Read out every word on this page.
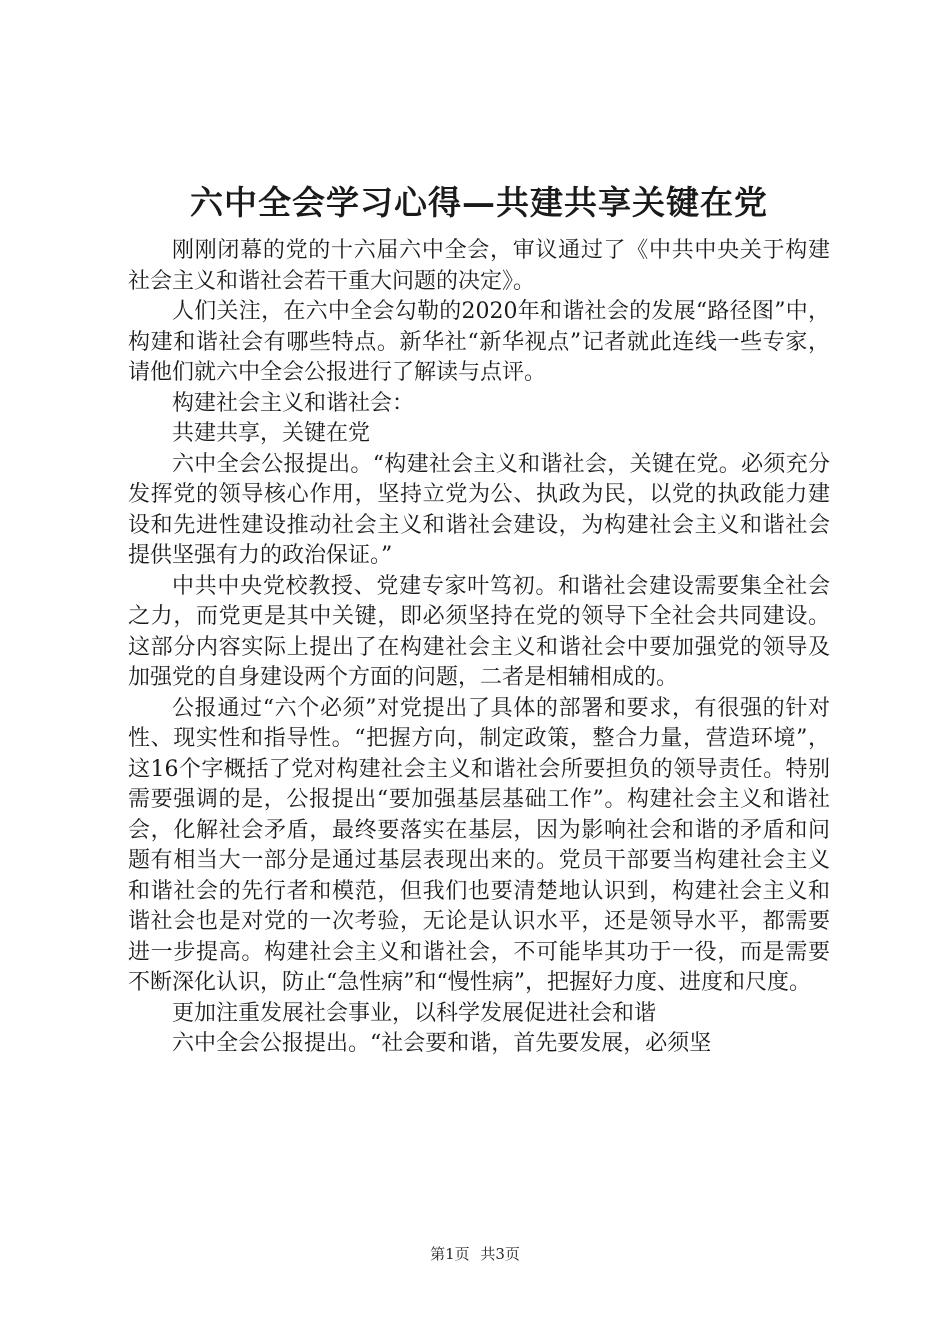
六中全会学习心得—共建共享关键在党

刚刚闭幕的党的十六届六中全会，审议通过了《中共中央关于构建社会主义和谐社会若干重大问题的决定》。

人们关注，在六中全会勾勒的2020年和谐社会的发展“路径图”中，构建和谐社会有哪些特点。新华社“新华视点”记者就此连线一些专家，请他们就六中全会公报进行了解读与点评。

构建社会主义和谐社会：

共建共享，关键在党

六中全会公报提出。“构建社会主义和谐社会，关键在党。必须充分发挥党的领导核心作用，坚持立党为公、执政为民，以党的执政能力建设和先进性建设推动社会主义和谐社会建设，为构建社会主义和谐社会提供坚强有力的政治保证。”

中共中央党校教授、党建专家叶笃初。和谐社会建设需要集全社会之力，而党更是其中关键，即必须坚持在党的领导下全社会共同建设。这部分内容实际上提出了在构建社会主义和谐社会中要加强党的领导及加强党的自身建设两个方面的问题，二者是相辅相成的。

公报通过“六个必须”对党提出了具体的部署和要求，有很强的针对性、现实性和指导性。“把握方向，制定政策，整合力量，营造环境”，这16个字概括了党对构建社会主义和谐社会所要担负的领导责任。特别需要强调的是，公报提出“要加强基层基础工作”。构建社会主义和谐社会，化解社会矛盾，最终要落实在基层，因为影响社会和谐的矛盾和问题有相当大一部分是通过基层表现出来的。党员干部要当构建社会主义和谐社会的先行者和模范，但我们也要清楚地认识到，构建社会主义和谐社会也是对党的一次考验，无论是认识水平，还是领导水平，都需要进一步提高。构建社会主义和谐社会，不可能毕其功于一役，而是需要不断深化认识，防止“急性病”和“慢性病”，把握好力度、进度和尺度。

更加注重发展社会事业，以科学发展促进社会和谐

六中全会公报提出。“社会要和谐，首先要发展，必须坚

第1页 共3页
